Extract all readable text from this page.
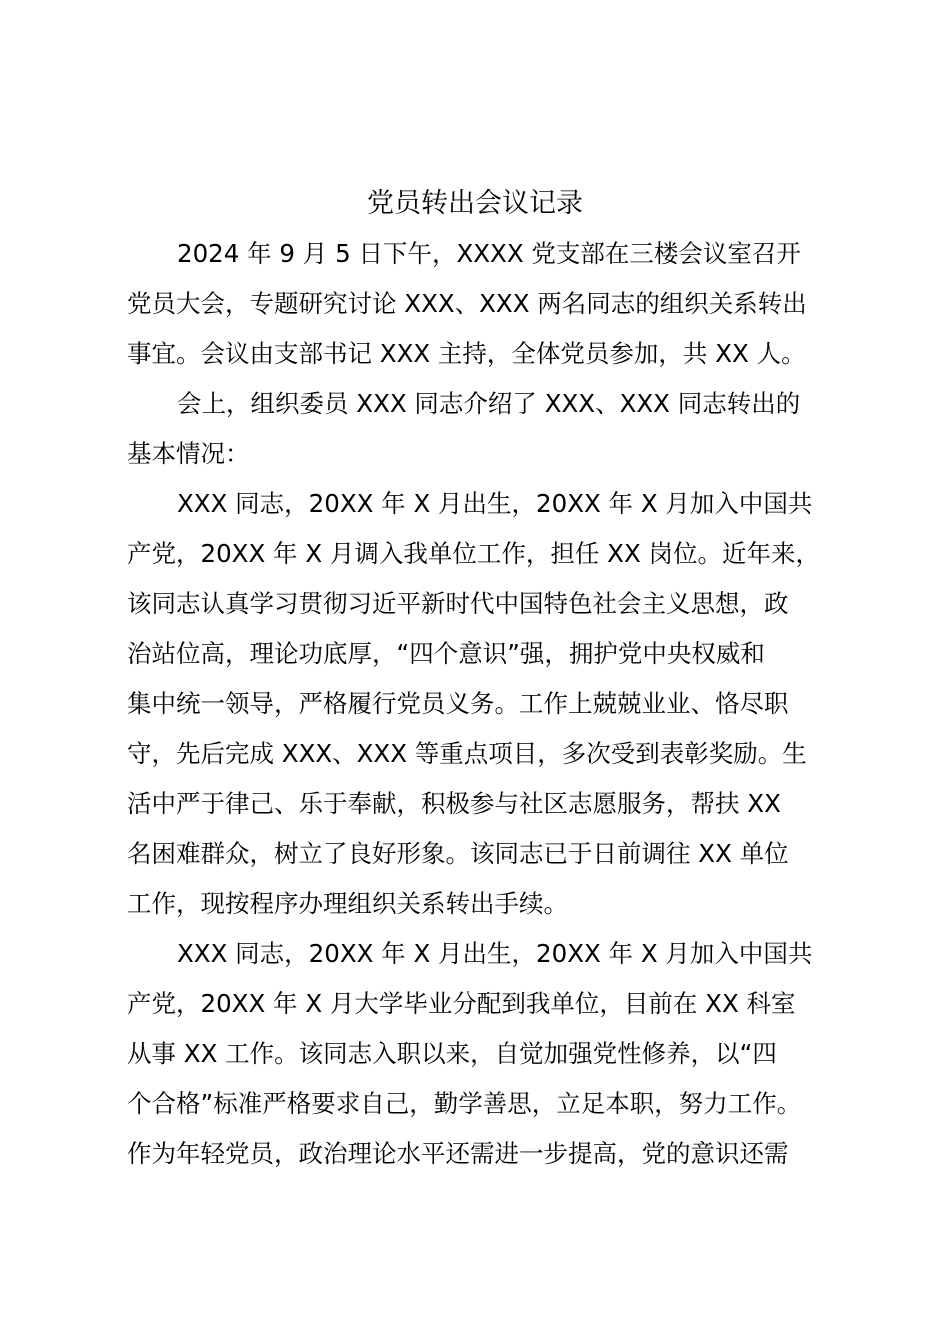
党员转出会议记录
2024 年 9 月 5 日下午，XXXX 党支部在三楼会议室召开
党员大会，专题研究讨论 XXX、XXX 两名同志的组织关系转出
事宜。会议由支部书记 XXX 主持，全体党员参加，共 XX 人。
会上，组织委员 XXX 同志介绍了 XXX、XXX 同志转出的
基本情况：
XXX 同志，20XX 年 X 月出生，20XX 年 X 月加入中国共
产党，20XX 年 X 月调入我单位工作，担任 XX 岗位。近年来，
该同志认真学习贯彻习近平新时代中国特色社会主义思想，政
治站位高，理论功底厚，“四个意识”强，拥护党中央权威和
集中统一领导，严格履行党员义务。工作上兢兢业业、恪尽职
守，先后完成 XXX、XXX 等重点项目，多次受到表彰奖励。生
活中严于律己、乐于奉献，积极参与社区志愿服务，帮扶 XX
名困难群众，树立了良好形象。该同志已于日前调往 XX 单位
工作，现按程序办理组织关系转出手续。
XXX 同志，20XX 年 X 月出生，20XX 年 X 月加入中国共
产党，20XX 年 X 月大学毕业分配到我单位，目前在 XX 科室
从事 XX 工作。该同志入职以来，自觉加强党性修养，以“四
个合格”标准严格要求自己，勤学善思，立足本职，努力工作。
作为年轻党员，政治理论水平还需进一步提高，党的意识还需
